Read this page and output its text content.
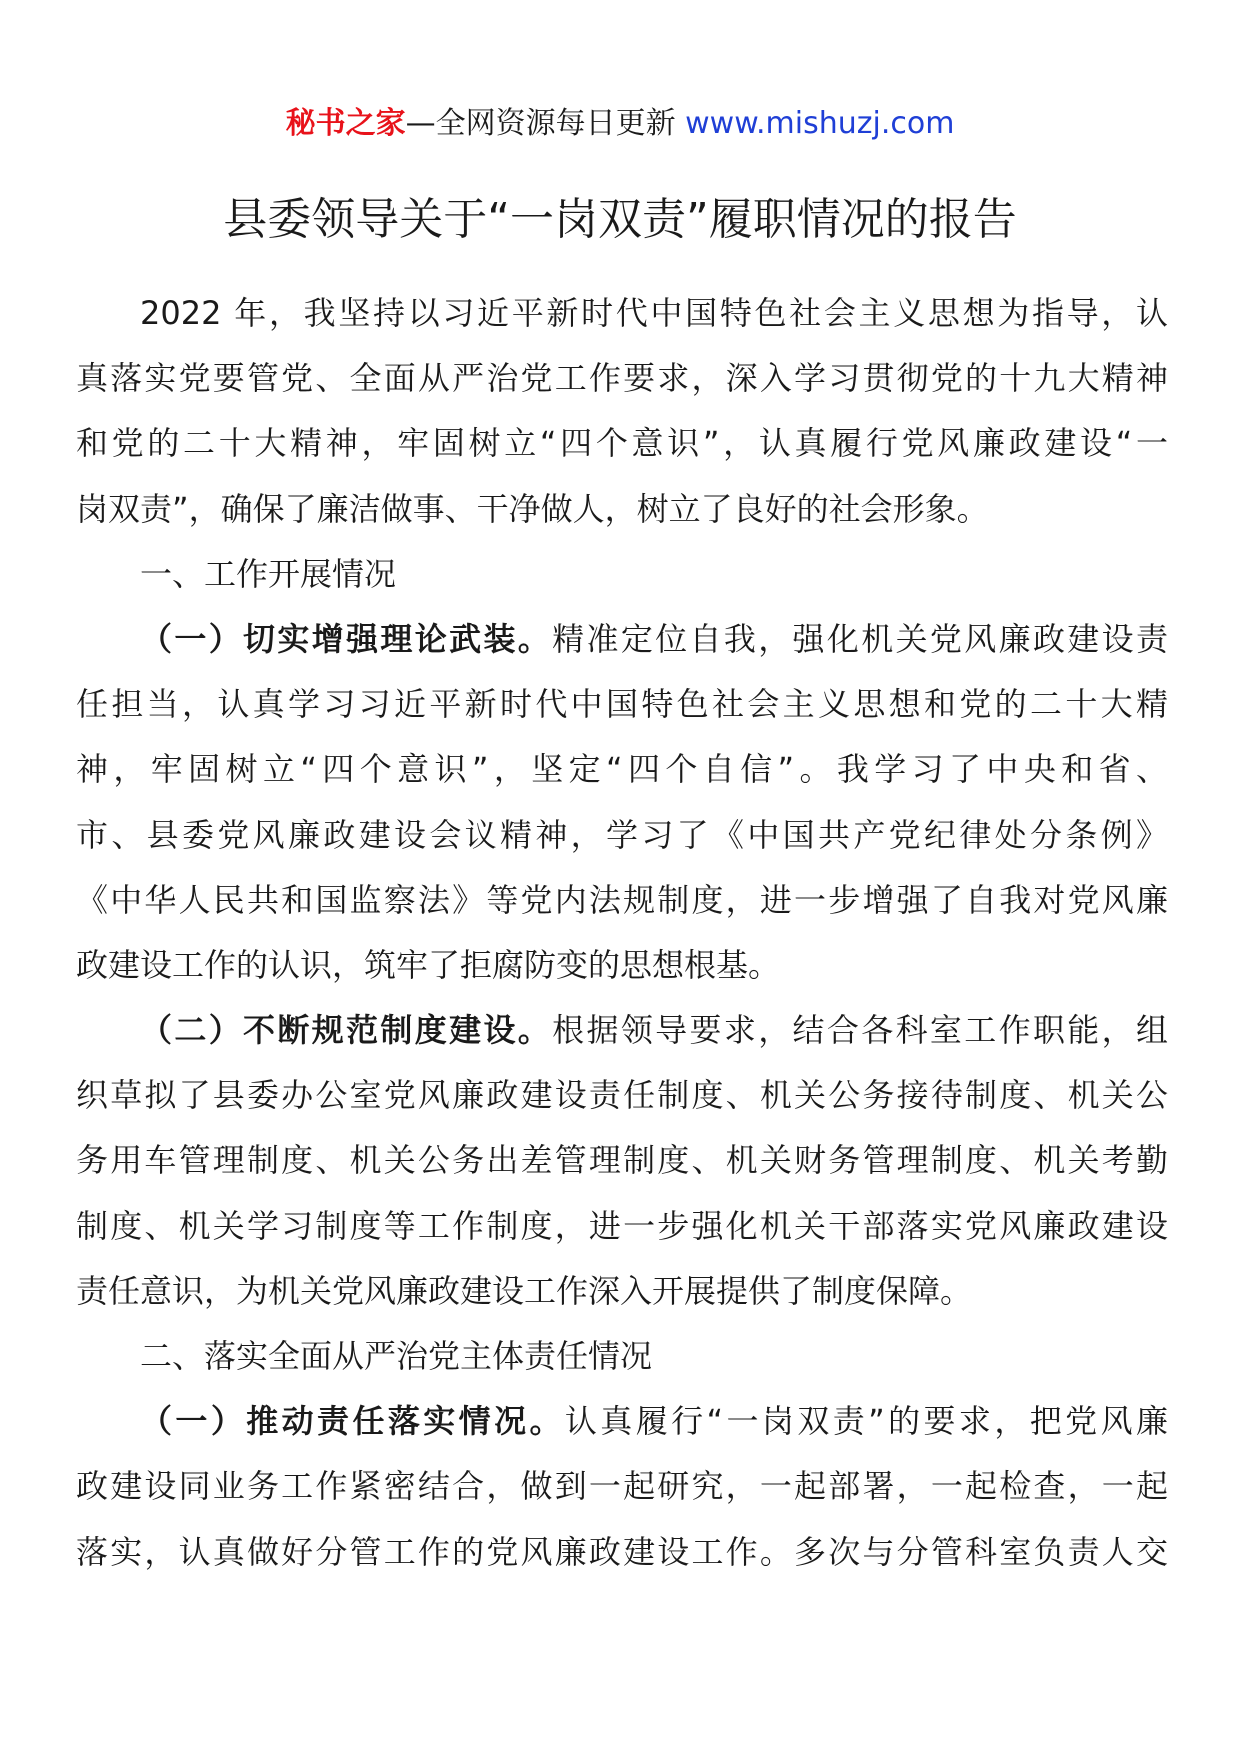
秘书之家—全网资源每日更新 www.mishuzj.com
县委领导关于“一岗双责”履职情况的报告
2022 年，我坚持以习近平新时代中国特色社会主义思想为指导，认
真落实党要管党、全面从严治党工作要求，深入学习贯彻党的十九大精神
和党的二十大精神，牢固树立“四个意识”，认真履行党风廉政建设“一
岗双责”，确保了廉洁做事、干净做人，树立了良好的社会形象。
一、工作开展情况
（一）切实增强理论武装。精准定位自我，强化机关党风廉政建设责
任担当，认真学习习近平新时代中国特色社会主义思想和党的二十大精
神，牢固树立“四个意识”，坚定“四个自信”。我学习了中央和省、
市、县委党风廉政建设会议精神，学习了《中国共产党纪律处分条例》
《中华人民共和国监察法》等党内法规制度，进一步增强了自我对党风廉
政建设工作的认识，筑牢了拒腐防变的思想根基。
（二）不断规范制度建设。根据领导要求，结合各科室工作职能，组
织草拟了县委办公室党风廉政建设责任制度、机关公务接待制度、机关公
务用车管理制度、机关公务出差管理制度、机关财务管理制度、机关考勤
制度、机关学习制度等工作制度，进一步强化机关干部落实党风廉政建设
责任意识，为机关党风廉政建设工作深入开展提供了制度保障。
二、落实全面从严治党主体责任情况
（一）推动责任落实情况。认真履行“一岗双责”的要求，把党风廉
政建设同业务工作紧密结合，做到一起研究，一起部署，一起检查，一起
落实，认真做好分管工作的党风廉政建设工作。多次与分管科室负责人交
